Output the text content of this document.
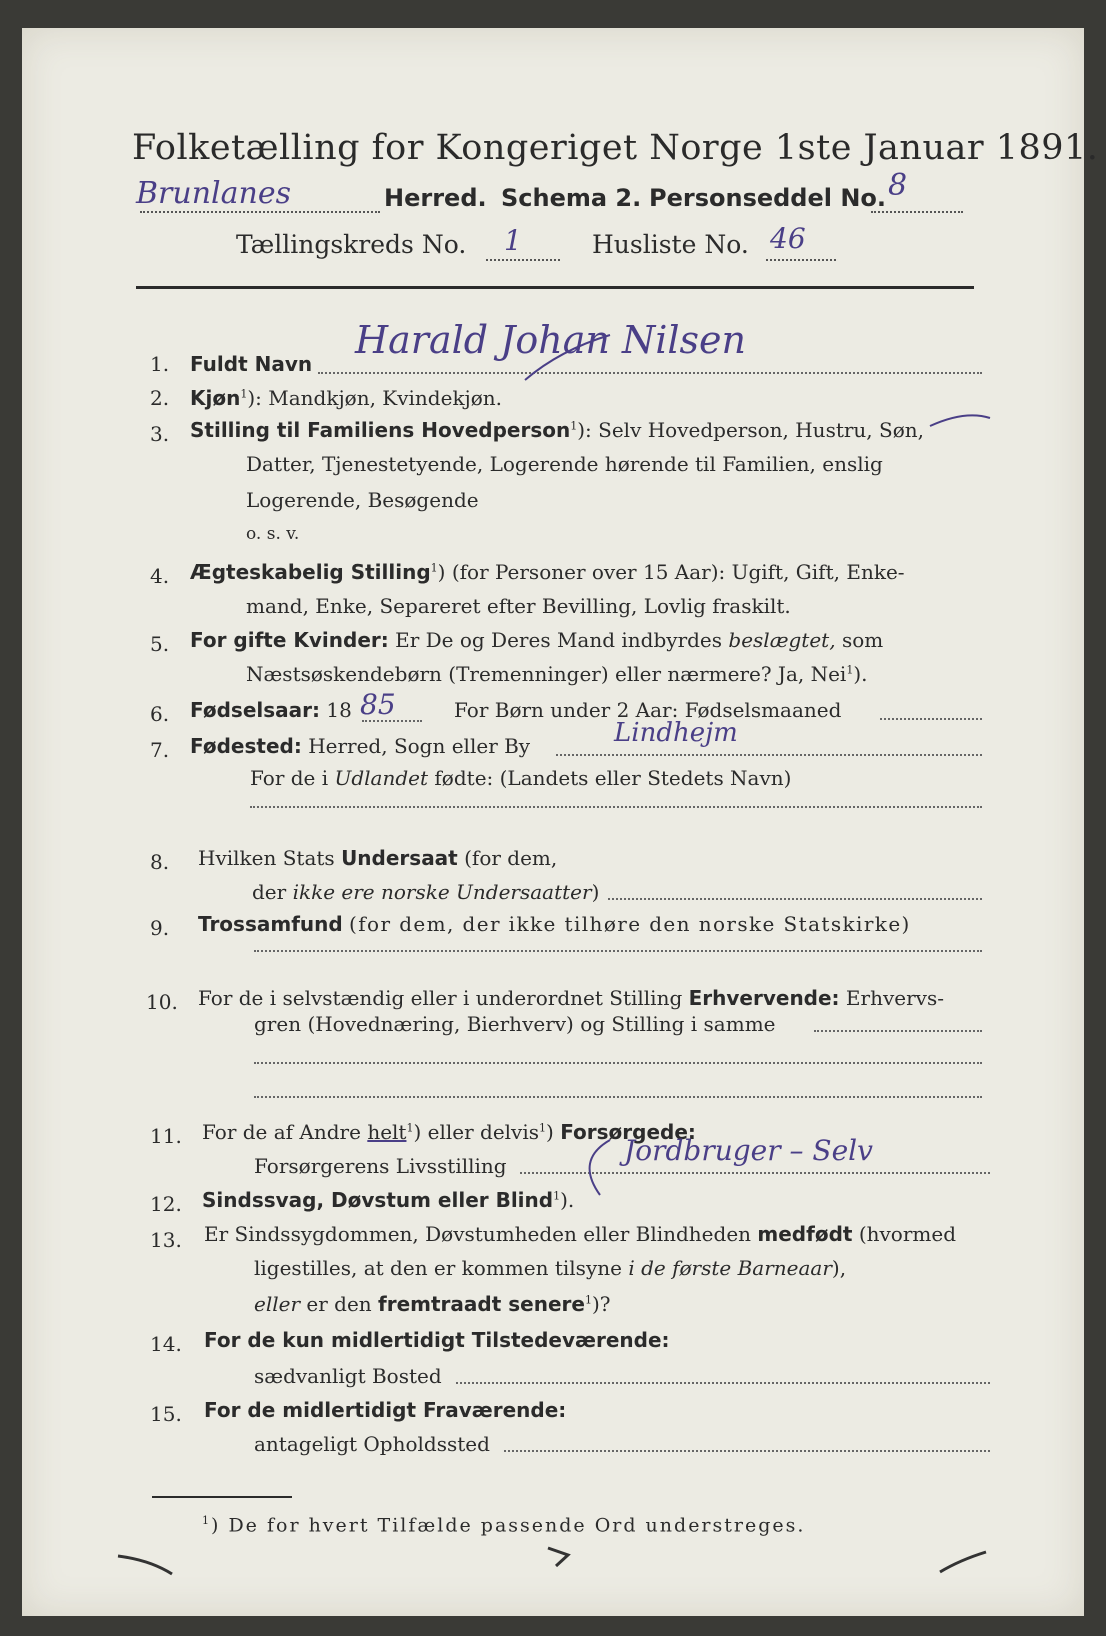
Folketælling for Kongeriget Norge 1ste Januar 1891.
Brunlanes	Herred. Schema 2. Personseddel No. 8
Tællingskreds No. 1	Husliste No. 46
1. Fuldt Navn
Harald Johan Nilsen
2. Kjøn$^1$): Mandkjøn, Kvindekjøn.
3. Stilling til Familiens Hovedperson$^1$): Selv Hovedperson, Hustru, Søn,
Datter, Tjenestetyende, Logerende hørende til Familien, enslig
Logerende, Besøgende
o. s. v.
4. Ægteskabelig Stilling$^1$) (for Personer over 15 Aar): Ugift, Gift, Enke-
mand, Enke, Separeret efter Bevilling, Lovlig fraskilt.
5. For gifte Kvinder: Er De og Deres Mand indbyrdes beslægtet, som
Næstsøskendebørn (Tremenninger) eller nærmere? Ja, Nei$^1$).
6. Fødselsaar: 18 85	For Børn under 2 Aar: Fødselsmaaned
7. Fødested: Herred, Sogn eller By	Lindhejm
For de i Udlandet fødte: (Landets eller Stedets Navn)
8. Hvilken Stats Undersaat (for dem,
der ikke ere norske Undersaatter)
9. Trossamfund (for dem, der ikke tilhøre den norske Statskirke)
10. For de i selvstændig eller i underordnet Stilling Erhvervende: Erhvervs-
gren (Hovednæring, Bierhverv) og Stilling i samme
11. For de af Andre helt$^1$) eller delvis$^1$) Forsørgede:
Forsørgerens Livsstilling	Jordbruger – Selv
12. Sindssvag, Døvstum eller Blind$^1$).
13. Er Sindssygdommen, Døvstumheden eller Blindheden medfødt (hvormed
ligestilles, at den er kommen tilsyne i de første Barneaar),
eller er den fremtraadt senere$^1$)?
14. For de kun midlertidigt Tilstedeværende:
sædvanligt Bosted
15. For de midlertidigt Fraværende:
antageligt Opholdssted
$^1$) De for hvert Tilfælde passende Ord understreges.
